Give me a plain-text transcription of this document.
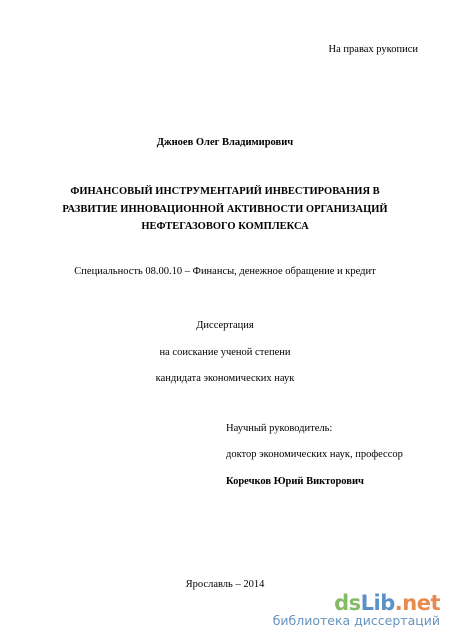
На правах рукописи
Джноев Олег Владимирович
ФИНАНСОВЫЙ ИНСТРУМЕНТАРИЙ ИНВЕСТИРОВАНИЯ В
РАЗВИТИЕ ИННОВАЦИОННОЙ АКТИВНОСТИ ОРГАНИЗАЦИЙ
НЕФТЕГАЗОВОГО КОМПЛЕКСА
Специальность 08.00.10 – Финансы, денежное обращение и кредит
Диссертация
на соискание ученой степени
кандидата экономических наук
Научный руководитель:
доктор экономических наук, профессор
Коречков Юрий Викторович
Ярославль – 2014
dsLib.net
библиотека диссертаций
